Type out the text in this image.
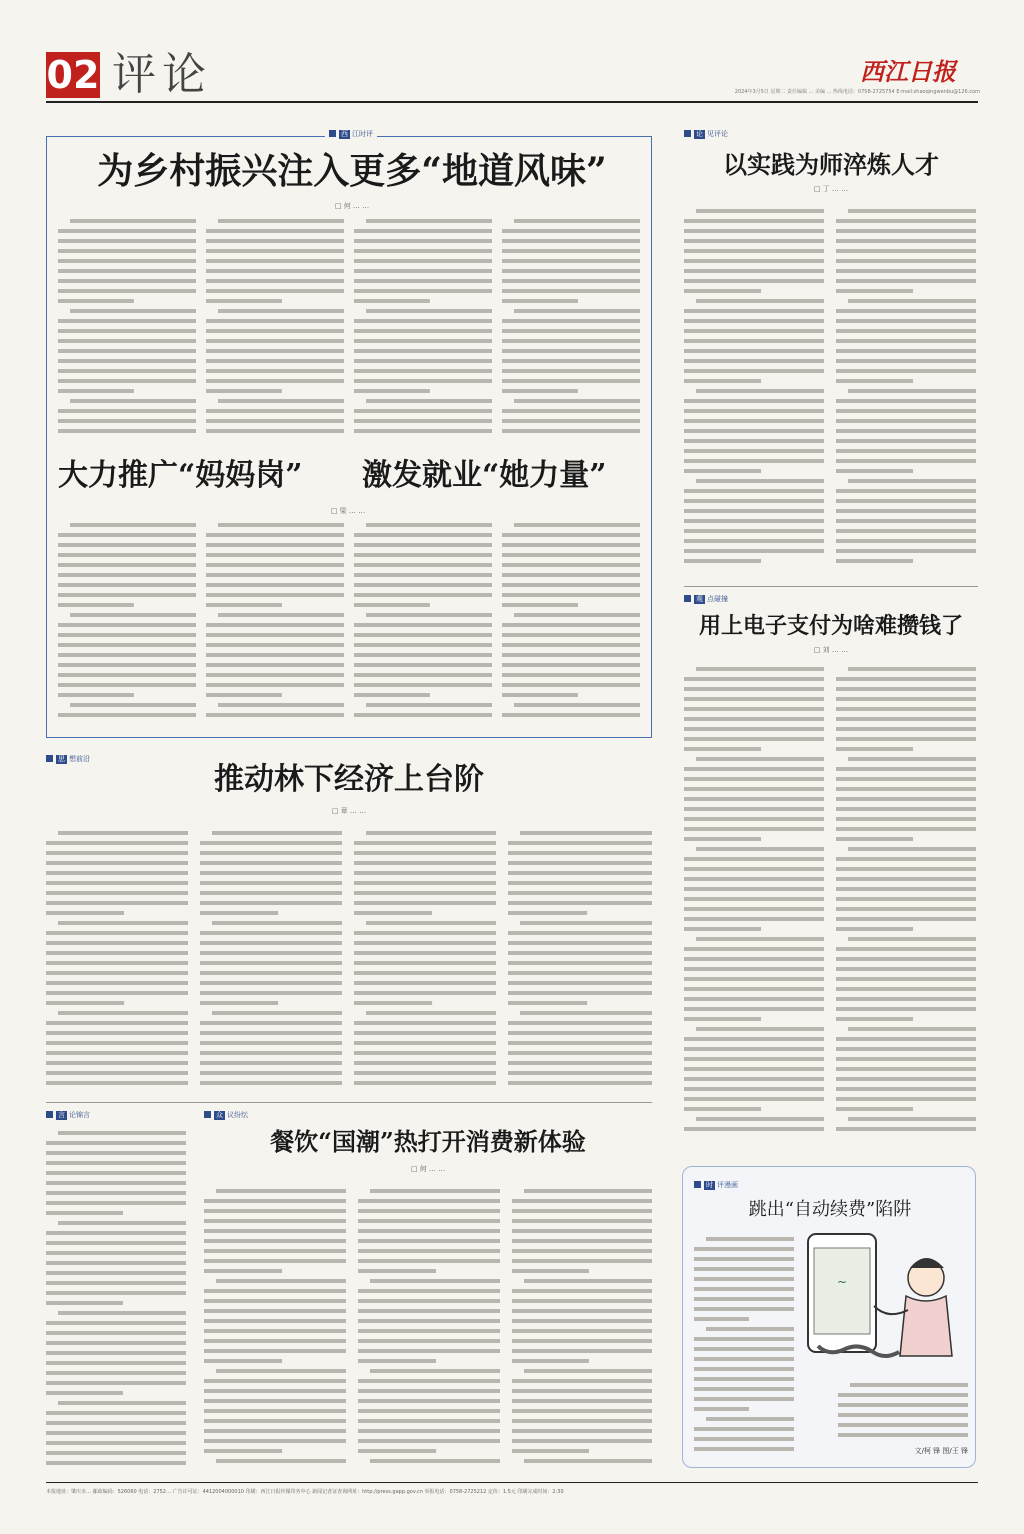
02 评论	西江日报
2024年3月5日 星期二 责任编辑 ... 美编 ... 热线电话：0758-2725754 E-mail:zhaoqingwenbu@126.com
西 江时评
为乡村振兴注入更多“地道风味”
□ 何 … …
大力推广“妈妈岗” 激发就业“她力量”
□ 梁 … …
论 见评论
以实践为师淬炼人才
□ 丁 … …
观 点碰撞
用上电子支付为啥难攒钱了
□ 刘 … …
思 想前沿
推动林下经济上台阶
□ 章 … …
言 论锦言	众 议纷纭
餐饮“国潮”热打开消费新体验
□ 何 … …
时 评漫画
跳出“自动续费”陷阱
~
文/柯 锋 图/王 锋
本报地址：肇庆市… 邮政编码：526060 电话：2752… 广告许可证：4412004000010 印刷：西江日报传媒印务中心 新闻记者证查询网址：http://press.gapp.gov.cn 举报电话：0758-2725212 定价：1.5元 印刷完成时间：2:30
